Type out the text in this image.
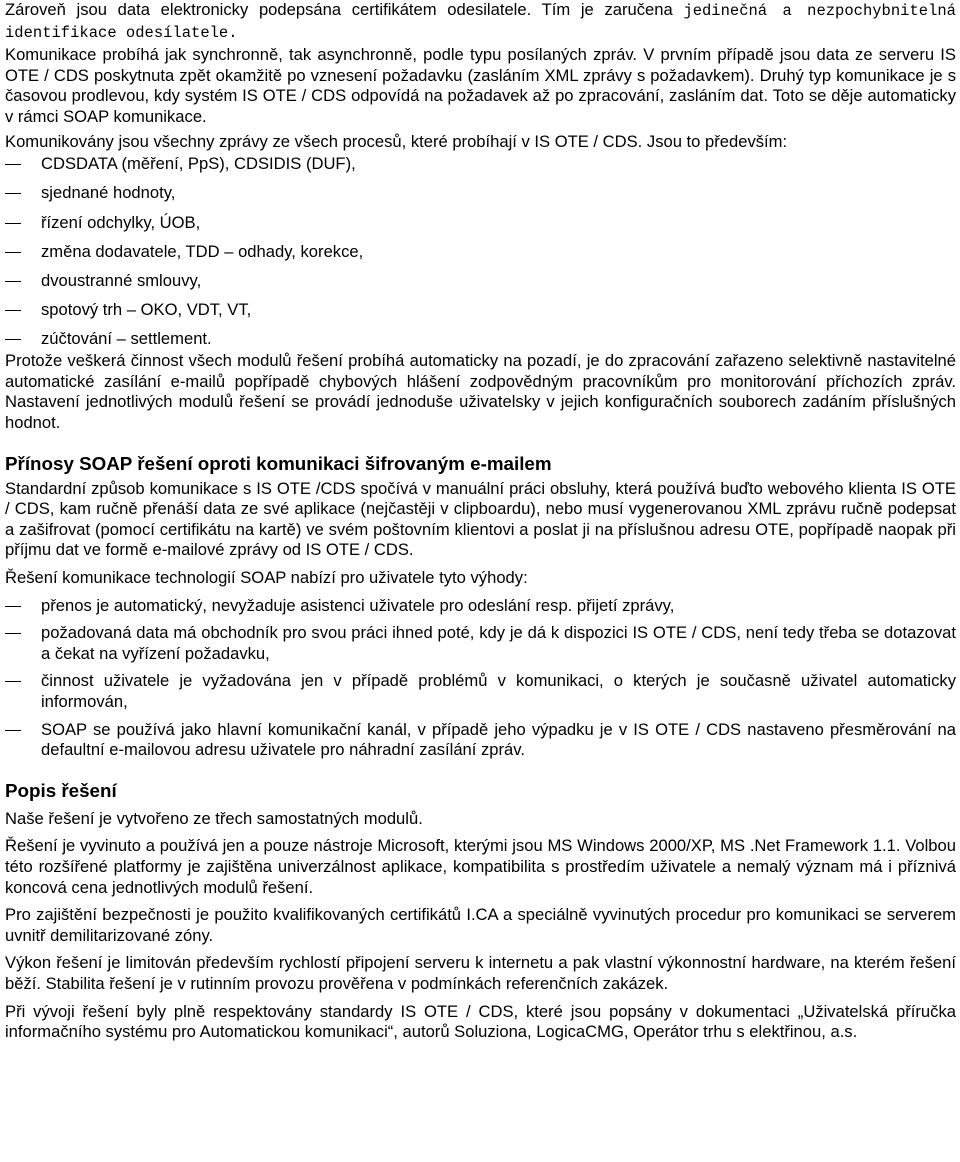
Zároveň jsou data elektronicky podepsána certifikátem odesilatele. Tím je zaručena jedinečná a nezpochybnitelná identifikace odesílatele.

Komunikace probíhá jak synchronně, tak asynchronně, podle typu posílaných zpráv. V prvním případě jsou data ze serveru IS OTE / CDS poskytnuta zpět okamžitě po vznesení požadavku (zasláním XML zprávy s požadavkem). Druhý typ komunikace je s časovou prodlevou, kdy systém IS OTE / CDS odpovídá na požadavek až po zpracování, zasláním dat. Toto se děje automaticky v rámci SOAP komunikace.

Komunikovány jsou všechny zprávy ze všech procesů, které probíhají v IS OTE / CDS. Jsou to především:

CDSDATA (měření, PpS), CDSIDIS (DUF),
sjednané hodnoty,
řízení odchylky, ÚOB,
změna dodavatele, TDD – odhady, korekce,
dvoustranné smlouvy,
spotový trh – OKO, VDT, VT,
zúčtování – settlement.

Protože veškerá činnost všech modulů řešení probíhá automaticky na pozadí, je do zpracování zařazeno selektivně nastavitelné automatické zasílání e-mailů popřípadě chybových hlášení zodpovědným pracovníkům pro monitorování příchozích zpráv. Nastavení jednotlivých modulů řešení se provádí jednoduše uživatelsky v jejich konfiguračních souborech zadáním příslušných hodnot.

Přínosy SOAP řešení oproti komunikaci šifrovaným e-mailem

Standardní způsob komunikace s IS OTE /CDS spočívá v manuální práci obsluhy, která používá buďto webového klienta IS OTE / CDS, kam ručně přenáší data ze své aplikace (nejčastěji v clipboardu), nebo musí vygenerovanou XML zprávu ručně podepsat a zašifrovat (pomocí certifikátu na kartě) ve svém poštovním klientovi a poslat ji na příslušnou adresu OTE, popřípadě naopak při příjmu dat ve formě e-mailové zprávy od IS OTE / CDS.

Řešení komunikace technologií SOAP nabízí pro uživatele tyto výhody:

přenos je automatický, nevyžaduje asistenci uživatele pro odeslání resp. přijetí zprávy,
požadovaná data má obchodník pro svou práci ihned poté, kdy je dá k dispozici IS OTE / CDS, není tedy třeba se dotazovat a čekat na vyřízení požadavku,
činnost uživatele je vyžadována jen v případě problémů v komunikaci, o kterých je současně uživatel automaticky informován,
SOAP se používá jako hlavní komunikační kanál, v případě jeho výpadku je v IS OTE / CDS nastaveno přesměrování na defaultní e-mailovou adresu uživatele pro náhradní zasílání zpráv.
Popis řešení

Naše řešení je vytvořeno ze třech samostatných modulů.

Řešení je vyvinuto a používá jen a pouze nástroje Microsoft, kterými jsou MS Windows 2000/XP, MS .Net Framework 1.1. Volbou této rozšířené platformy je zajištěna univerzálnost aplikace, kompatibilita s prostředím uživatele a nemalý význam má i příznivá koncová cena jednotlivých modulů řešení.

Pro zajištění bezpečnosti je použito kvalifikovaných certifikátů I.CA a speciálně vyvinutých procedur pro komunikaci se serverem uvnitř demilitarizované zóny.

Výkon řešení je limitován především rychlostí připojení serveru k internetu a pak vlastní výkonnostní hardware, na kterém řešení běží. Stabilita řešení je v rutinním provozu prověřena v podmínkách referenčních zakázek.

Při vývoji řešení byly plně respektovány standardy IS OTE / CDS, které jsou popsány v dokumentaci „Uživatelská příručka informačního systému pro Automatickou komunikaci“, autorů Soluziona, LogicaCMG, Operátor trhu s elektřinou, a.s.
